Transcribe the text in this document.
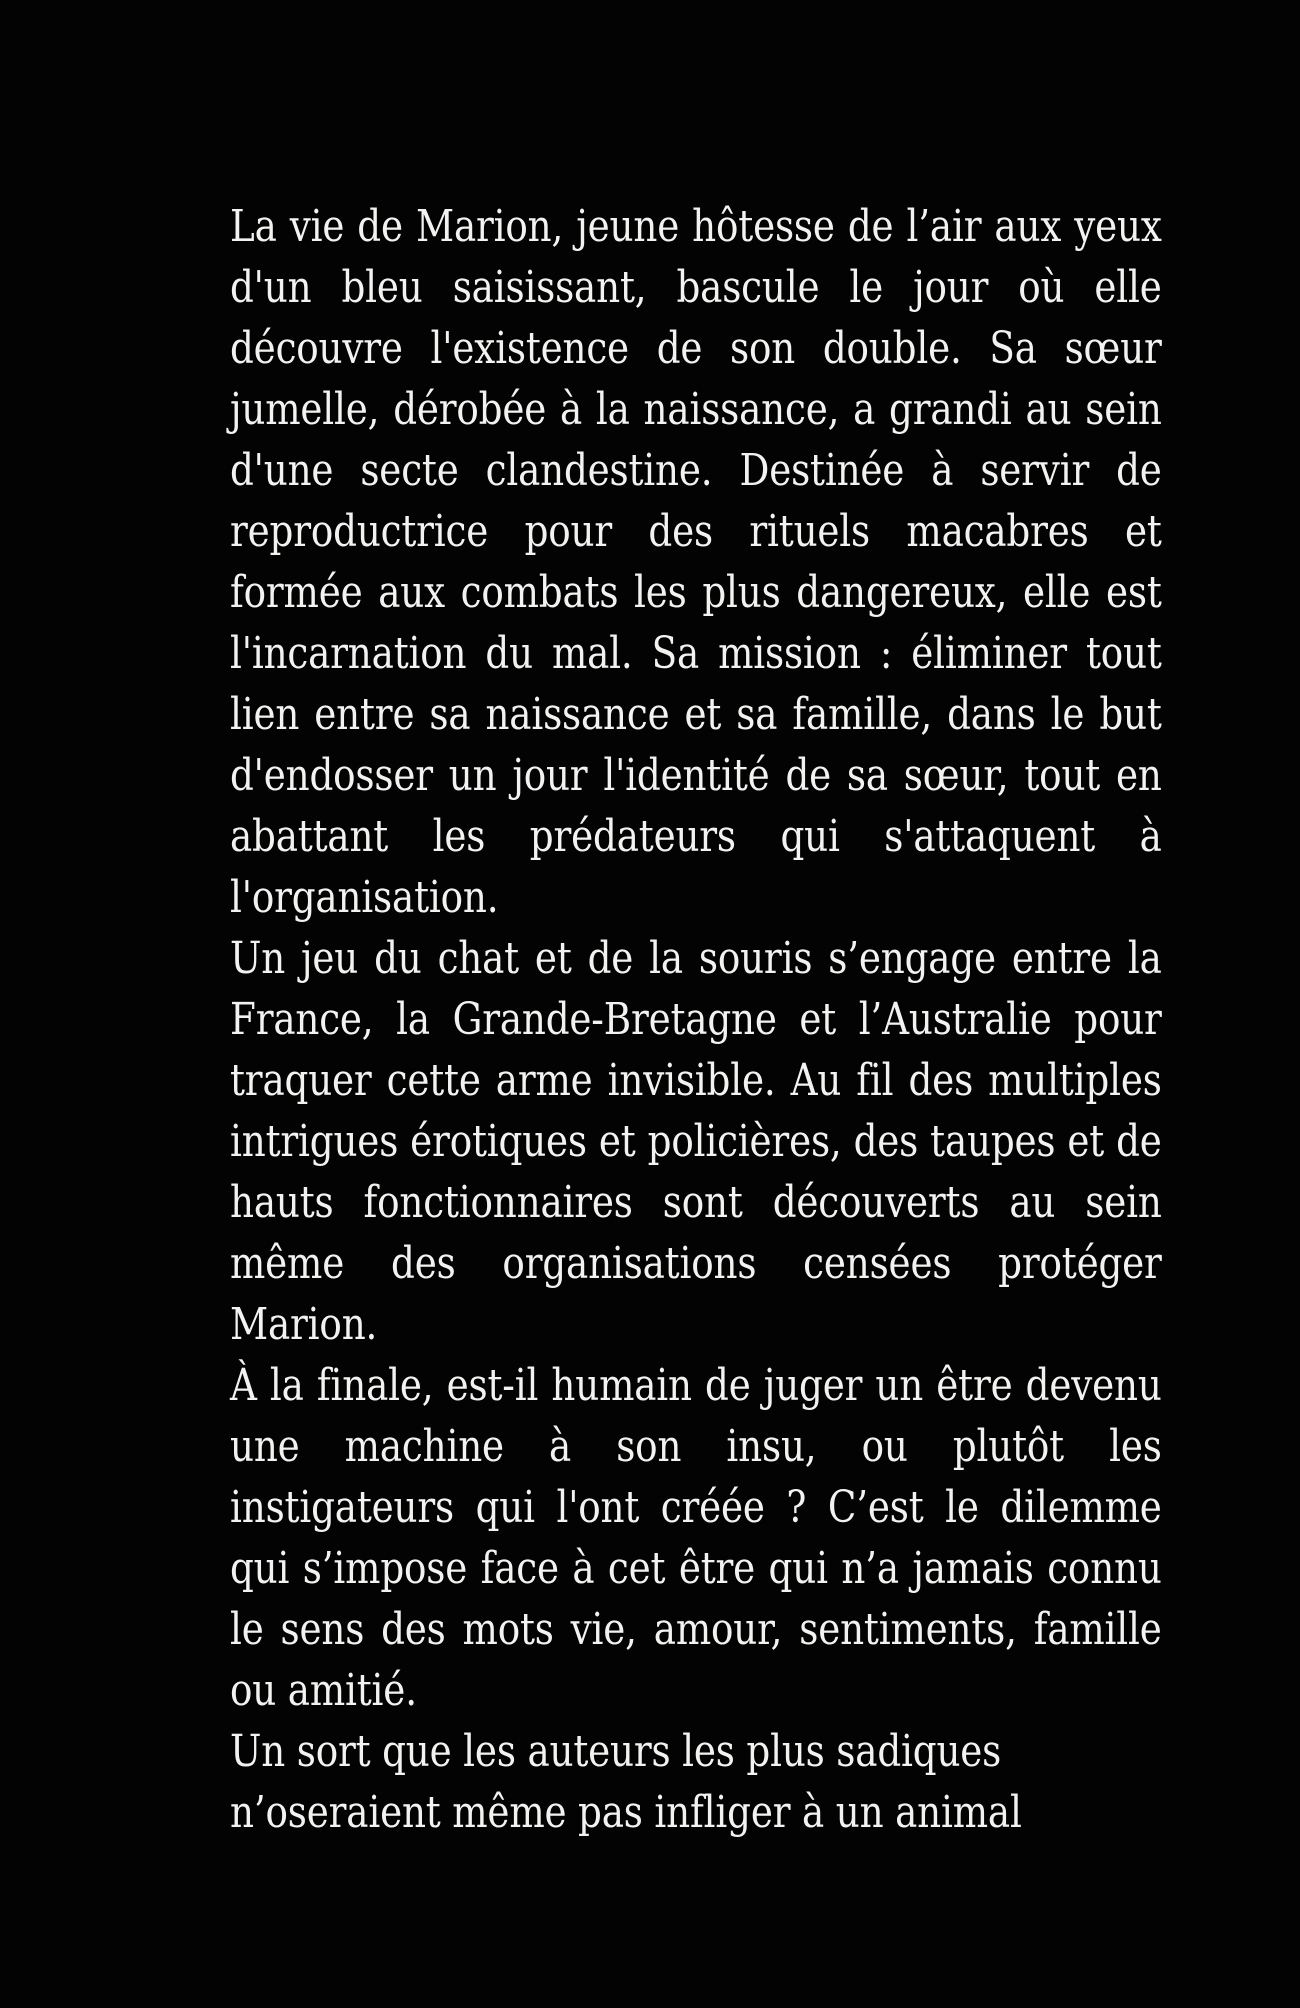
La vie de Marion, jeune hôtesse de l’air aux yeux d'un bleu saisissant, bascule le jour où elle découvre l'existence de son double. Sa sœur jumelle, dérobée à la naissance, a grandi au sein d'une secte clandestine. Destinée à servir de reproductrice pour des rituels macabres et formée aux combats les plus dangereux, elle est l'incarnation du mal. Sa mission : éliminer tout lien entre sa naissance et sa famille, dans le but d'endosser un jour l'identité de sa sœur, tout en abattant les prédateurs qui s'attaquent à l'organisation.

Un jeu du chat et de la souris s’engage entre la France, la Grande-Bretagne et l’Australie pour traquer cette arme invisible. Au fil des multiples intrigues érotiques et policières, des taupes et de hauts fonctionnaires sont découverts au sein même des organisations censées protéger Marion.

À la finale, est-il humain de juger un être devenu une machine à son insu, ou plutôt les instigateurs qui l'ont créée ? C’est le dilemme qui s’impose face à cet être qui n’a jamais connu le sens des mots vie, amour, sentiments, famille ou amitié.

Un sort que les auteurs les plus sadiques n’oseraient même pas infliger à un animal
